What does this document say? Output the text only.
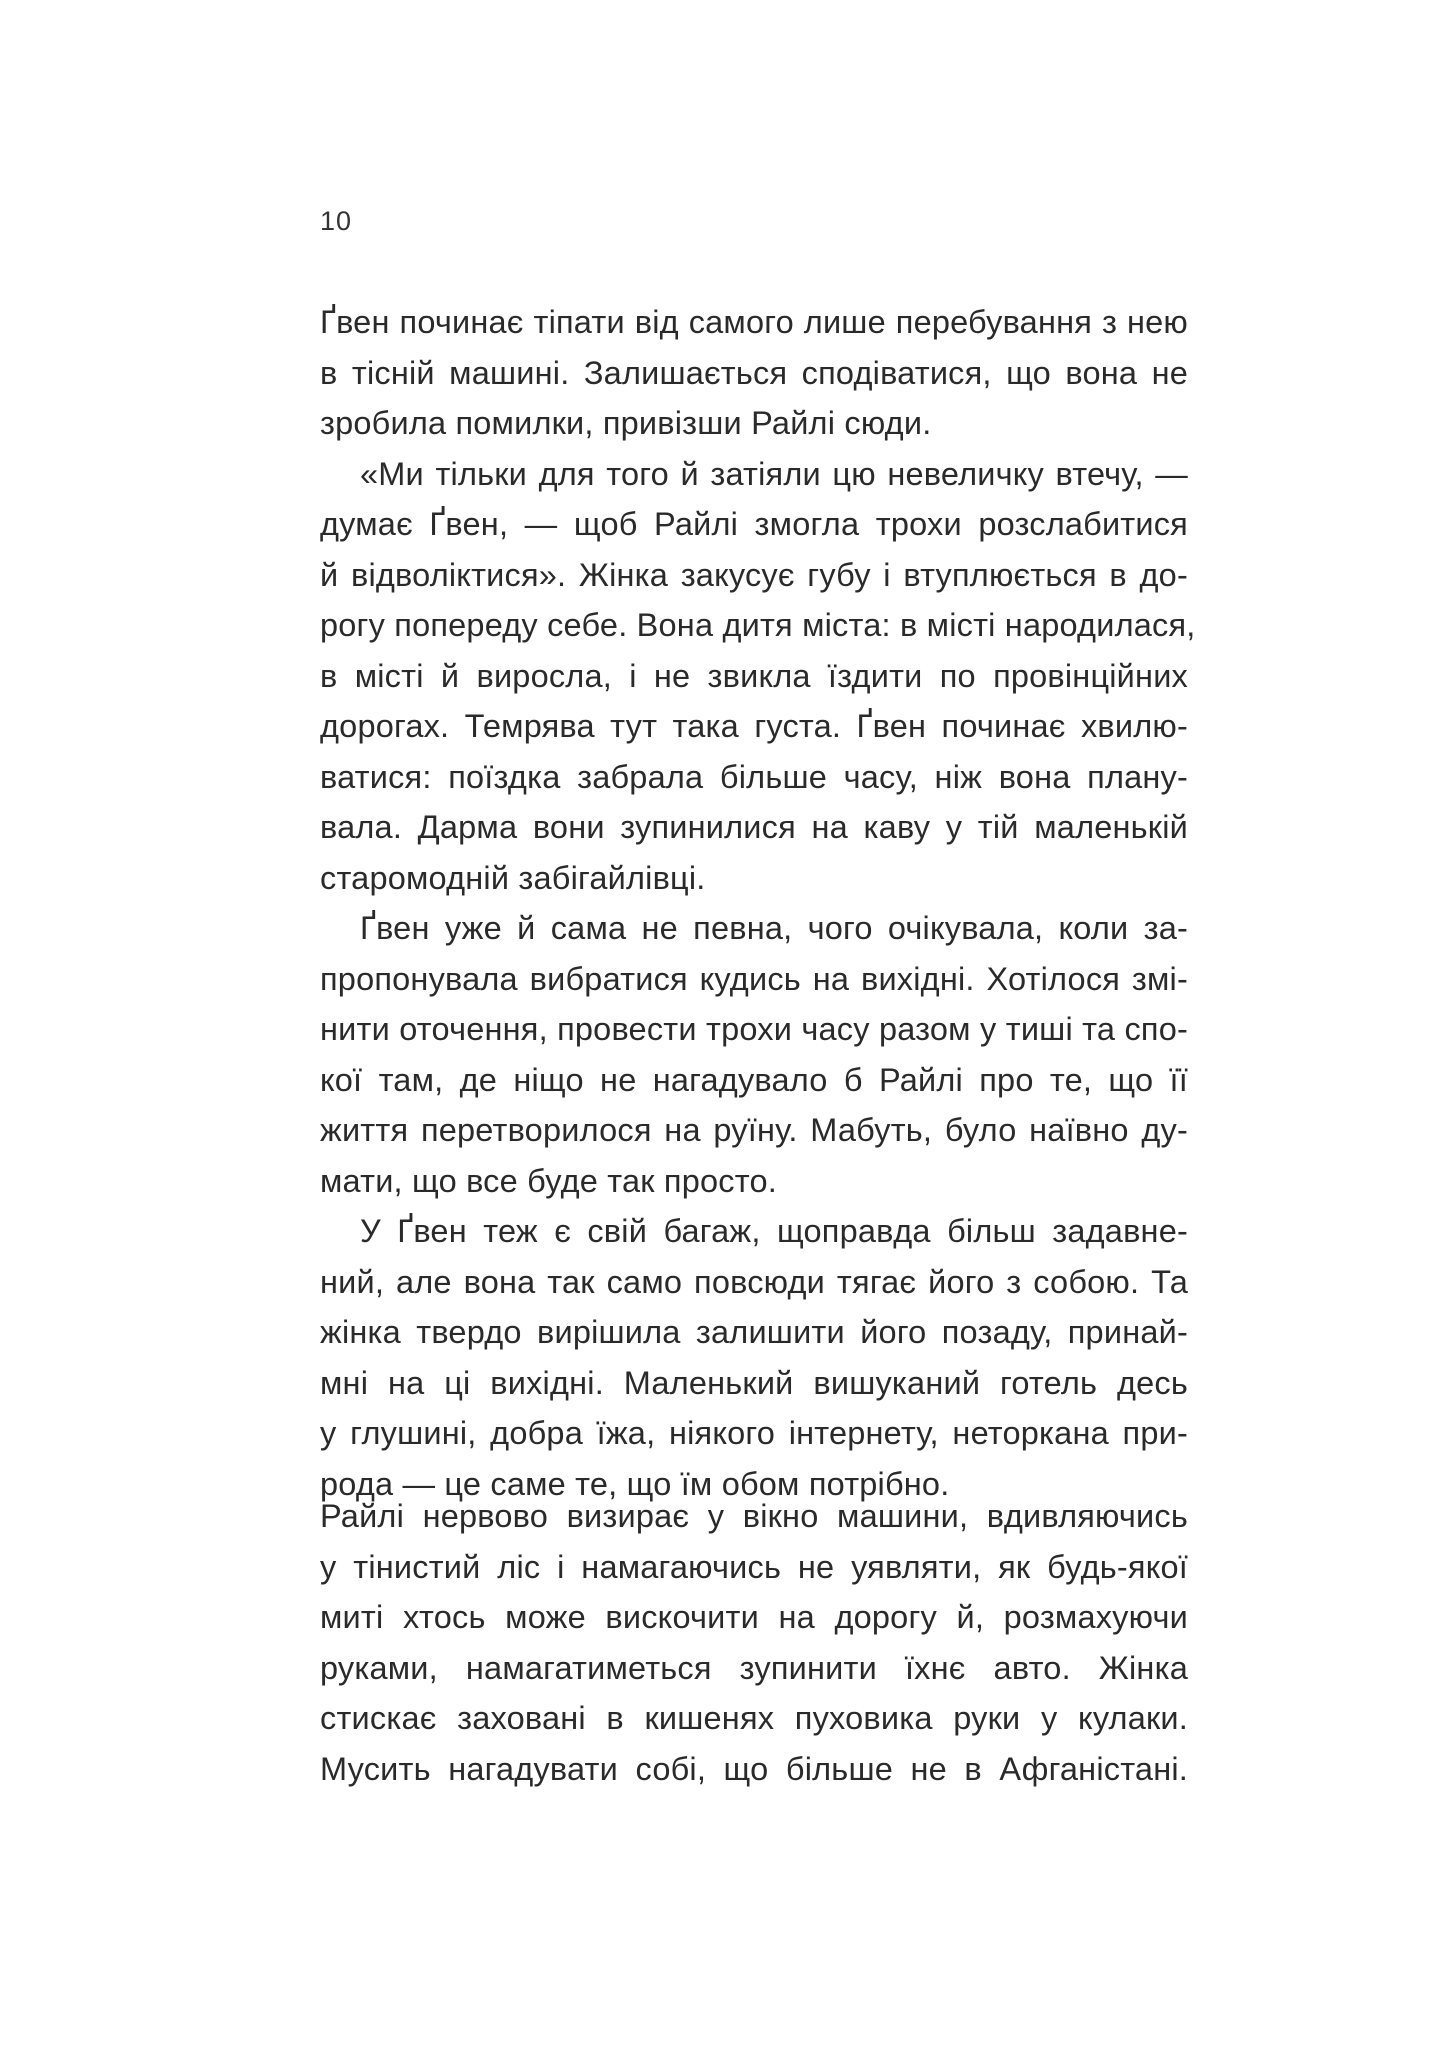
10
Ґвен починає тіпати від самого лише перебування з нею
в тісній машині. Залишається сподіватися, що вона не
зробила помилки, привізши Райлі сюди.
«Ми тільки для того й затіяли цю невеличку втечу, —
думає Ґвен, — щоб Райлі змогла трохи розслабитися
й відволіктися». Жінка закусує губу і втуплюється в до-
рогу попереду себе. Вона дитя міста: в місті народилася,
в місті й виросла, і не звикла їздити по провінційних
дорогах. Темрява тут така густа. Ґвен починає хвилю-
ватися: поїздка забрала більше часу, ніж вона плану-
вала. Дарма вони зупинилися на каву у тій маленькій
старомодній забігайлівці.
Ґвен уже й сама не певна, чого очікувала, коли за-
пропонувала вибратися кудись на вихідні. Хотілося змі-
нити оточення, провести трохи часу разом у тиші та спо-
кої там, де ніщо не нагадувало б Райлі про те, що її
життя перетворилося на руїну. Мабуть, було наївно ду-
мати, що все буде так просто.
У Ґвен теж є свій багаж, щоправда більш задавне-
ний, але вона так само повсюди тягає його з собою. Та
жінка твердо вирішила залишити його позаду, принай-
мні на ці вихідні. Маленький вишуканий готель десь
у глушині, добра їжа, ніякого інтернету, неторкана при-
рода — це саме те, що їм обом потрібно.
Райлі нервово визирає у вікно машини, вдивляючись
у тінистий ліс і намагаючись не уявляти, як будь-якої
миті хтось може вискочити на дорогу й, розмахуючи
руками, намагатиметься зупинити їхнє авто. Жінка
стискає заховані в кишенях пуховика руки у кулаки.
Мусить нагадувати собі, що більше не в Афганістані.
